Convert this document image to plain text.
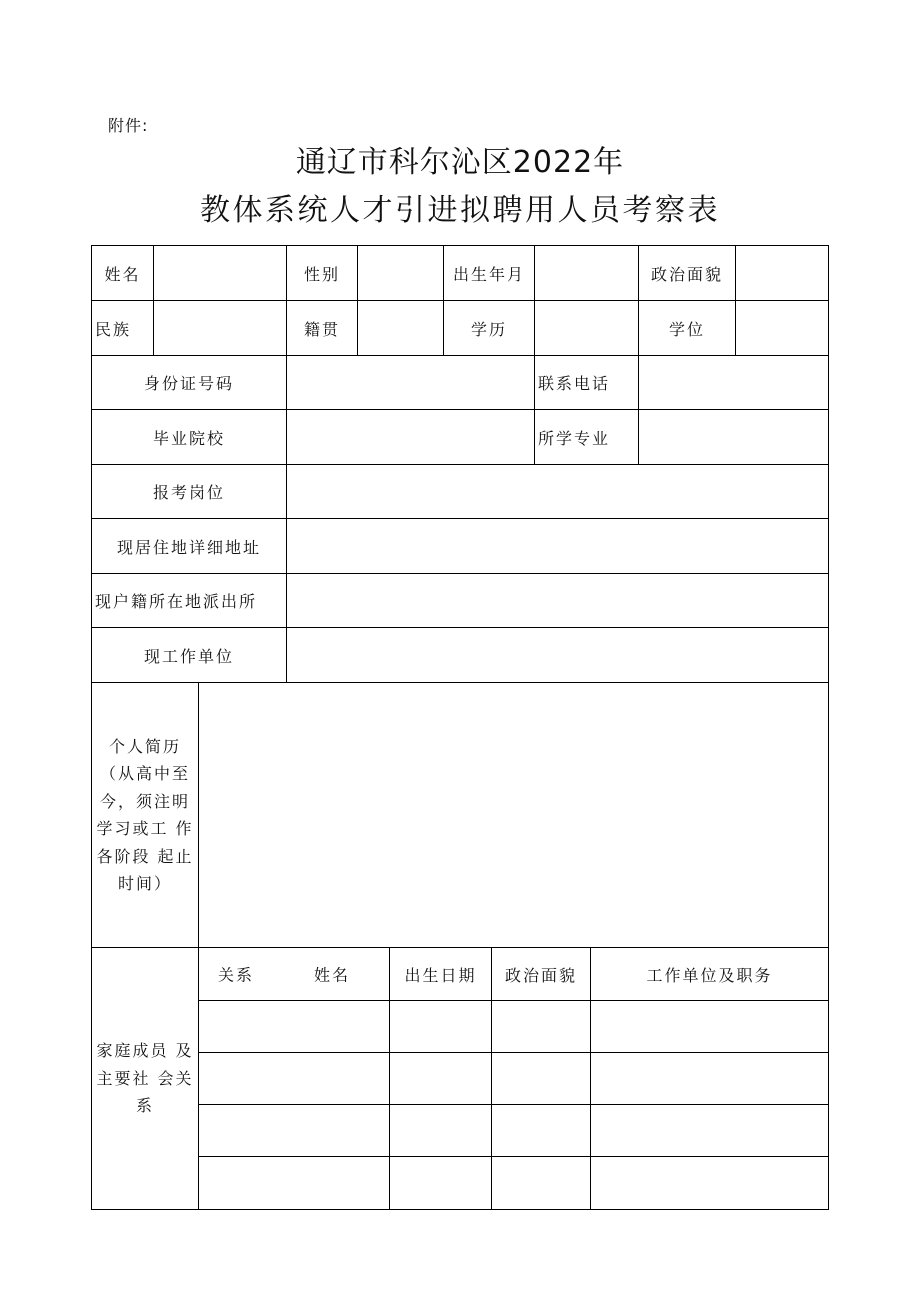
附件:
通辽市科尔沁区2022年
教体系统人才引进拟聘用人员考察表
姓名	性别	出生年月	政治面貌
民族	籍贯	学历	学位
身份证号码	联系电话
毕业院校	所学专业
报考岗位
现居住地详细地址
现户籍所在地派出所
现工作单位
个人简历
（从高中至
今，须注明
学习或工 作
各阶段 起止
时间）
家庭成员 及
主要社 会关
系
关系	姓名	出生日期	政治面貌	工作单位及职务
